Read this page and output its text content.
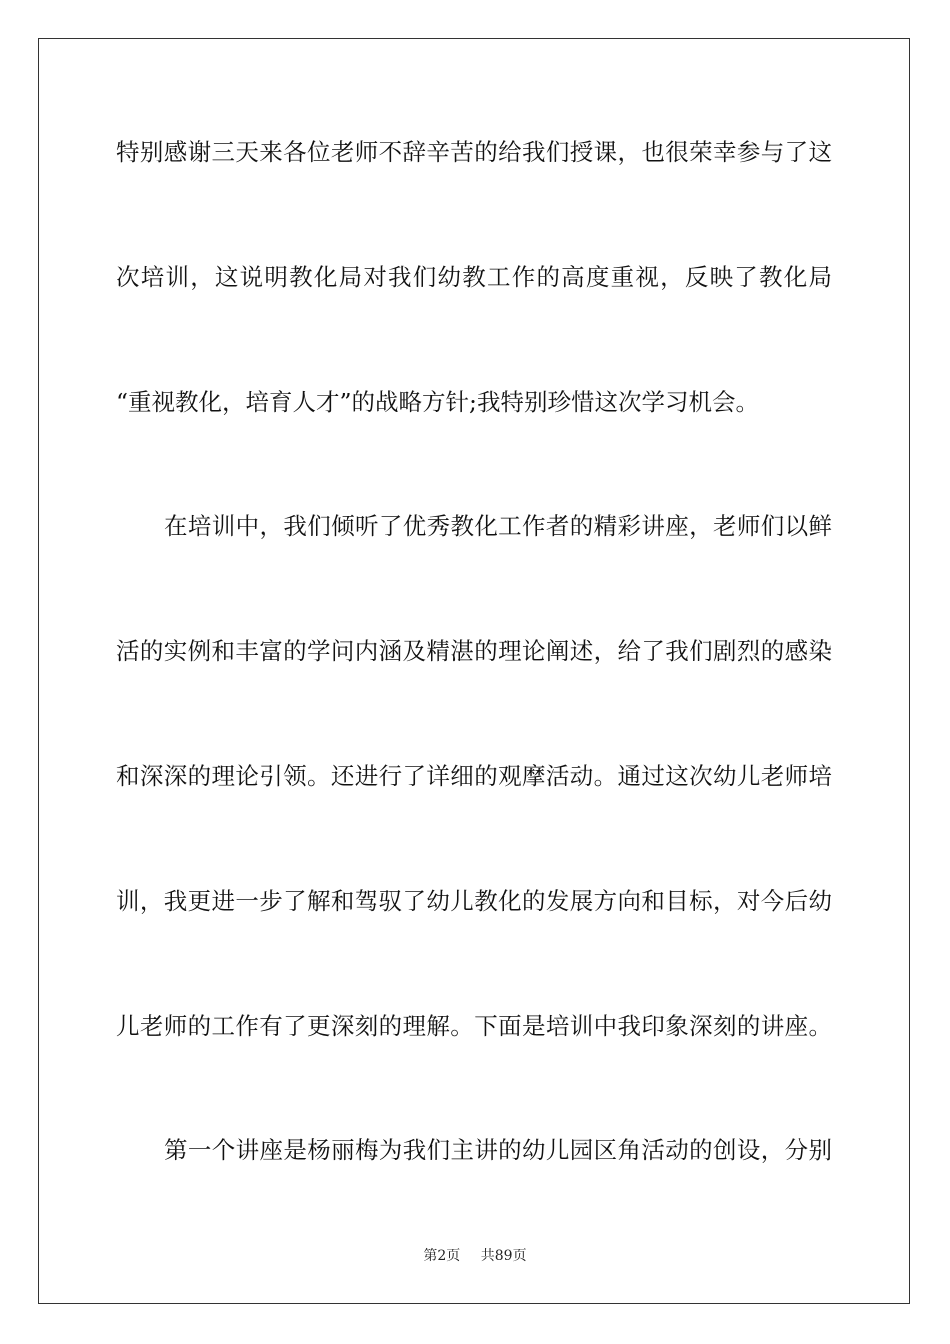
特别感谢三天来各位老师不辞辛苦的给我们授课，也很荣幸参与了这
次培训，这说明教化局对我们幼教工作的高度重视，反映了教化局
“重视教化，培育人才”的战略方针;我特别珍惜这次学习机会。
在培训中，我们倾听了优秀教化工作者的精彩讲座，老师们以鲜
活的实例和丰富的学问内涵及精湛的理论阐述，给了我们剧烈的感染
和深深的理论引领。还进行了详细的观摩活动。通过这次幼儿老师培
训，我更进一步了解和驾驭了幼儿教化的发展方向和目标，对今后幼
儿老师的工作有了更深刻的理解。下面是培训中我印象深刻的讲座。
第一个讲座是杨丽梅为我们主讲的幼儿园区角活动的创设，分别
第2页 共89页
